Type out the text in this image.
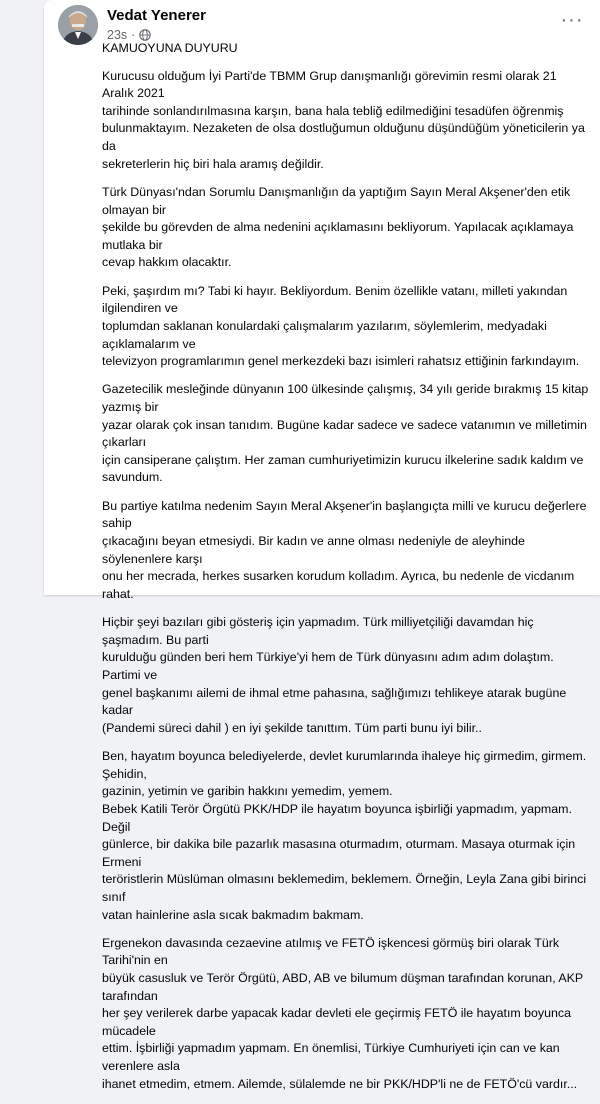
Vedat Yenerer
23s ·
···

KAMUOYUNA DUYURU

Kurucusu olduğum İyi Parti'de TBMM Grup danışmanlığı görevimin resmi olarak 21 Aralık 2021
tarihinde sonlandırılmasına karşın, bana hala tebliğ edilmediğini tesadüfen öğrenmiş
bulunmaktayım. Nezaketen de olsa dostluğumun olduğunu düşündüğüm yöneticilerin ya da
sekreterlerin hiç biri hala aramış değildir.

Türk Dünyası'ndan Sorumlu Danışmanlığın da yaptığım Sayın Meral Akşener'den etik olmayan bir
şekilde bu görevden de alma nedenini açıklamasını bekliyorum. Yapılacak açıklamaya mutlaka bir
cevap hakkım olacaktır.

Peki, şaşırdım mı? Tabi ki hayır. Bekliyordum. Benim özellikle vatanı, milleti yakından ilgilendiren ve
toplumdan saklanan konulardaki çalışmalarım yazılarım, söylemlerim, medyadaki açıklamalarım ve
televizyon programlarımın genel merkezdeki bazı isimleri rahatsız ettiğinin farkındayım.

Gazetecilik mesleğinde dünyanın 100 ülkesinde çalışmış, 34 yılı geride bırakmış 15 kitap yazmış bir
yazar olarak çok insan tanıdım. Bugüne kadar sadece ve sadece vatanımın ve milletimin çıkarları
için cansiperane çalıştım. Her zaman cumhuriyetimizin kurucu ilkelerine sadık kaldım ve
savundum.

Bu partiye katılma nedenim Sayın Meral Akşener'in başlangıçta milli ve kurucu değerlere sahip
çıkacağını beyan etmesiydi. Bir kadın ve anne olması nedeniyle de aleyhinde söylenenlere karşı
onu her mecrada, herkes susarken korudum kolladım. Ayrıca, bu nedenle de vicdanım rahat.

Hiçbir şeyi bazıları gibi gösteriş için yapmadım. Türk milliyetçiliği davamdan hiç şaşmadım. Bu parti
kurulduğu günden beri hem Türkiye'yi hem de Türk dünyasını adım adım dolaştım. Partimi ve
genel başkanımı ailemi de ihmal etme pahasına, sağlığımızı tehlikeye atarak bugüne kadar
(Pandemi süreci dahil ) en iyi şekilde tanıttım. Tüm parti bunu iyi bilir..

Ben, hayatım boyunca belediyelerde, devlet kurumlarında ihaleye hiç girmedim, girmem. Şehidin,
gazinin, yetimin ve garibin hakkını yemedim, yemem.
Bebek Katili Terör Örgütü PKK/HDP ile hayatım boyunca işbirliği yapmadım, yapmam. Değil
günlerce, bir dakika bile pazarlık masasına oturmadım, oturmam. Masaya oturmak için Ermeni
teröristlerin Müslüman olmasını beklemedim, beklemem. Örneğin, Leyla Zana gibi birinci sınıf
vatan hainlerine asla sıcak bakmadım bakmam.

Ergenekon davasında cezaevine atılmış ve FETÖ işkencesi görmüş biri olarak Türk Tarihi'nin en
büyük casusluk ve Terör Örgütü, ABD, AB ve bilumum düşman tarafından korunan, AKP tarafından
her şey verilerek darbe yapacak kadar devleti ele geçirmiş FETÖ ile hayatım boyunca mücadele
ettim. İşbirliği yapmadım yapmam. En önemlisi, Türkiye Cumhuriyeti için can ve kan verenlere asla
ihanet etmedim, etmem. Ailemde, sülalemde ne bir PKK/HDP'li ne de FETÖ'cü vardır...
